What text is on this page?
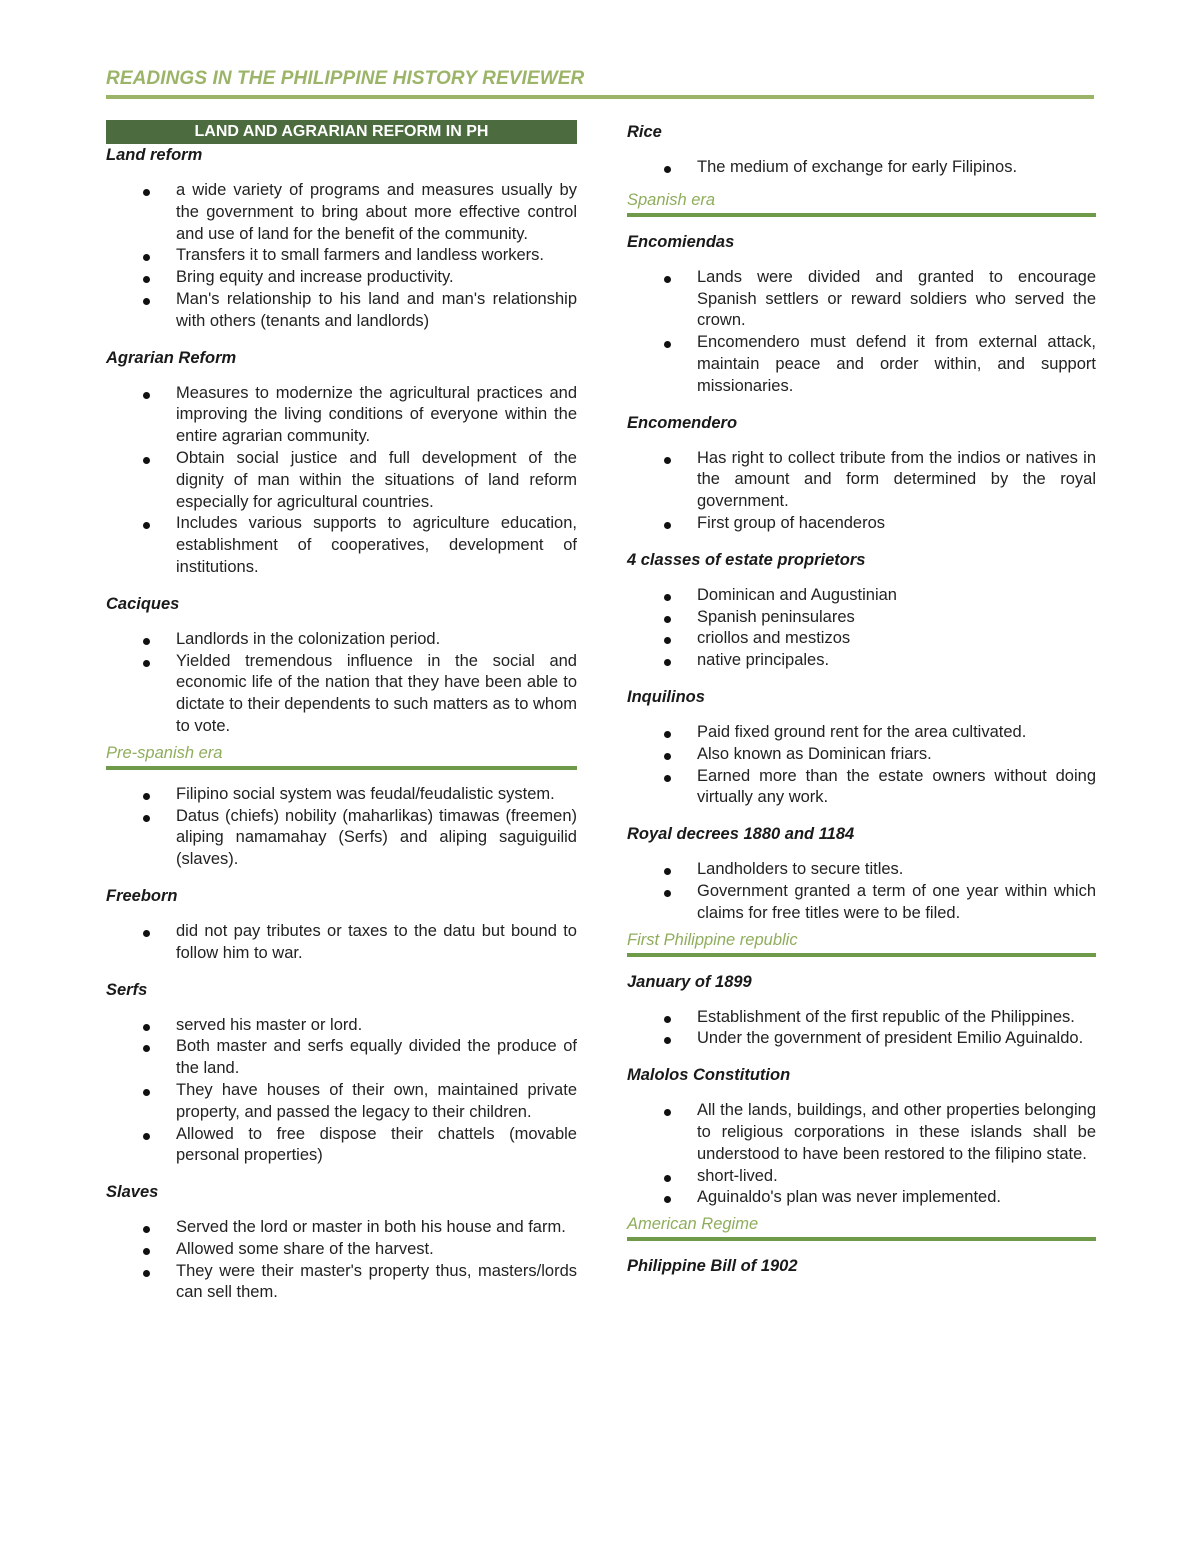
READINGS IN THE PHILIPPINE HISTORY REVIEWER
LAND AND AGRARIAN REFORM IN PH
Land reform
a wide variety of programs and measures usually by the government to bring about more effective control and use of land for the benefit of the community.
Transfers it to small farmers and landless workers.
Bring equity and increase productivity.
Man's relationship to his land and man's relationship with others (tenants and landlords)
Agrarian Reform
Measures to modernize the agricultural practices and improving the living conditions of everyone within the entire agrarian community.
Obtain social justice and full development of the dignity of man within the situations of land reform especially for agricultural countries.
Includes various supports to agriculture education, establishment of cooperatives, development of institutions.
Caciques
Landlords in the colonization period.
Yielded tremendous influence in the social and economic life of the nation that they have been able to dictate to their dependents to such matters as to whom to vote.
Pre-spanish era
Filipino social system was feudal/feudalistic system.
Datus (chiefs) nobility (maharlikas) timawas (freemen) aliping namamahay (Serfs) and aliping saguiguilid (slaves).
Freeborn
did not pay tributes or taxes to the datu but bound to follow him to war.
Serfs
served his master or lord.
Both master and serfs equally divided the produce of the land.
They have houses of their own, maintained private property, and passed the legacy to their children.
Allowed to free dispose their chattels (movable personal properties)
Slaves
Served the lord or master in both his house and farm.
Allowed some share of the harvest.
They were their master's property thus, masters/lords can sell them.
Rice
The medium of exchange for early Filipinos.
Spanish era
Encomiendas
Lands were divided and granted to encourage Spanish settlers or reward soldiers who served the crown.
Encomendero must defend it from external attack, maintain peace and order within, and support missionaries.
Encomendero
Has right to collect tribute from the indios or natives in the amount and form determined by the royal government.
First group of hacenderos
4 classes of estate proprietors
Dominican and Augustinian
Spanish peninsulares
criollos and mestizos
native principales.
Inquilinos
Paid fixed ground rent for the area cultivated.
Also known as Dominican friars.
Earned more than the estate owners without doing virtually any work.
Royal decrees 1880 and 1184
Landholders to secure titles.
Government granted a term of one year within which claims for free titles were to be filed.
First Philippine republic
January of 1899
Establishment of the first republic of the Philippines.
Under the government of president Emilio Aguinaldo.
Malolos Constitution
All the lands, buildings, and other properties belonging to religious corporations in these islands shall be understood to have been restored to the filipino state.
short-lived.
Aguinaldo's plan was never implemented.
American Regime
Philippine Bill of 1902
